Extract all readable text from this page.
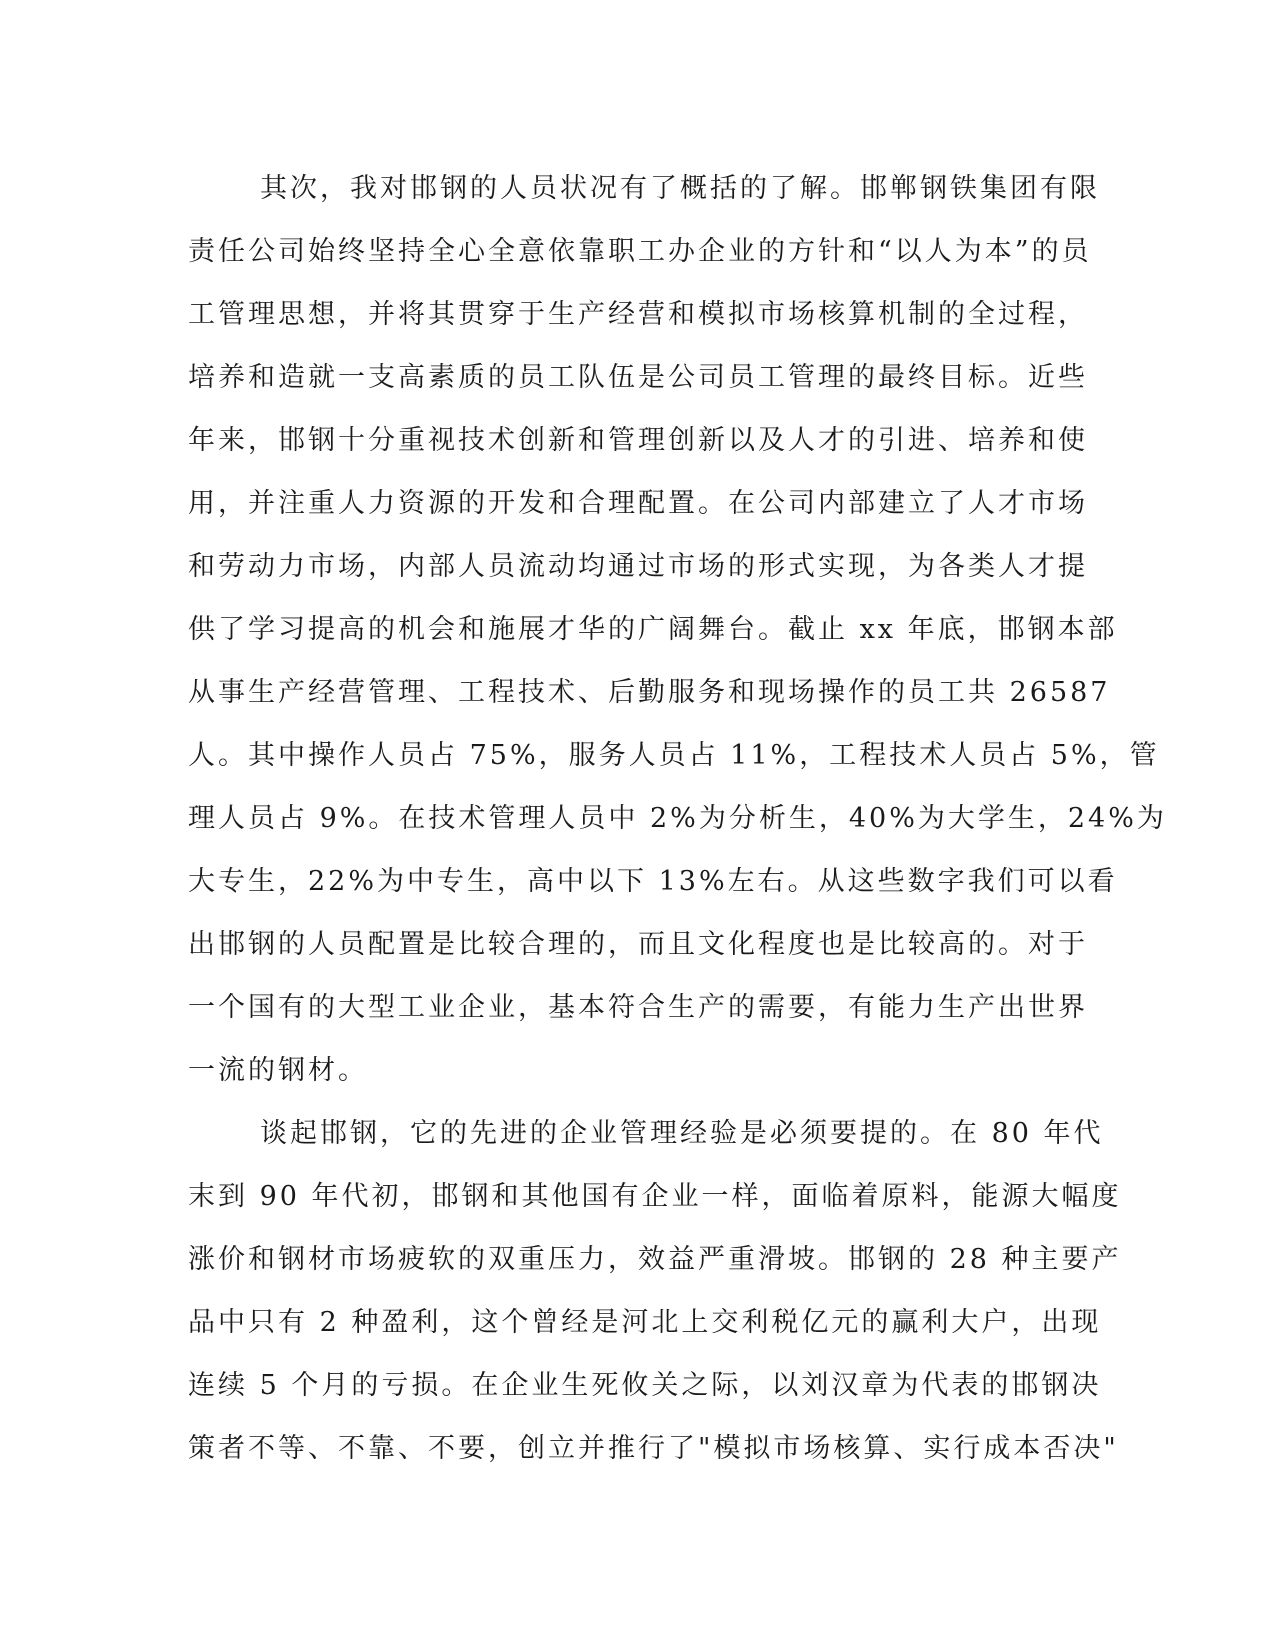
其次，我对邯钢的人员状况有了概括的了解。邯郸钢铁集团有限
责任公司始终坚持全心全意依靠职工办企业的方针和“以人为本”的员
工管理思想，并将其贯穿于生产经营和模拟市场核算机制的全过程，
培养和造就一支高素质的员工队伍是公司员工管理的最终目标。近些
年来，邯钢十分重视技术创新和管理创新以及人才的引进、培养和使
用，并注重人力资源的开发和合理配置。在公司内部建立了人才市场
和劳动力市场，内部人员流动均通过市场的形式实现，为各类人才提
供了学习提高的机会和施展才华的广阔舞台。截止 xx 年底，邯钢本部
从事生产经营管理、工程技术、后勤服务和现场操作的员工共 26587
人。其中操作人员占 75%，服务人员占 11%，工程技术人员占 5%，管
理人员占 9%。在技术管理人员中 2%为分析生，40%为大学生，24%为
大专生，22%为中专生，高中以下 13%左右。从这些数字我们可以看
出邯钢的人员配置是比较合理的，而且文化程度也是比较高的。对于
一个国有的大型工业企业，基本符合生产的需要，有能力生产出世界
一流的钢材。
谈起邯钢，它的先进的企业管理经验是必须要提的。在 80 年代
末到 90 年代初，邯钢和其他国有企业一样，面临着原料，能源大幅度
涨价和钢材市场疲软的双重压力，效益严重滑坡。邯钢的 28 种主要产
品中只有 2 种盈利，这个曾经是河北上交利税亿元的赢利大户，出现
连续 5 个月的亏损。在企业生死攸关之际，以刘汉章为代表的邯钢决
策者不等、不靠、不要，创立并推行了"模拟市场核算、实行成本否决"
